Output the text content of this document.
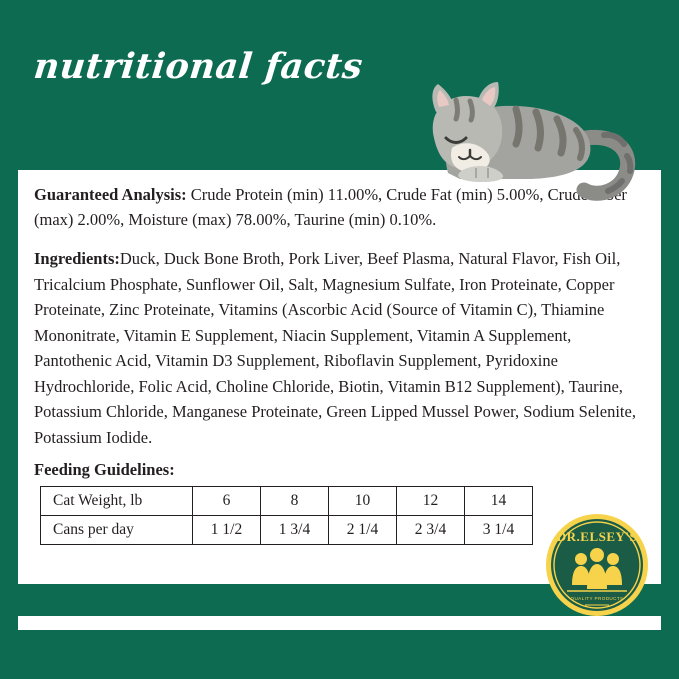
nutritional facts

Guaranteed Analysis: Crude Protein (min) 11.00%, Crude Fat (min) 5.00%, Crude Fiber (max) 2.00%, Moisture (max) 78.00%, Taurine (min) 0.10%.

Ingredients:Duck, Duck Bone Broth, Pork Liver, Beef Plasma, Natural Flavor, Fish Oil, Tricalcium Phosphate, Sunflower Oil, Salt, Magnesium Sulfate, Iron Proteinate, Copper Proteinate, Zinc Proteinate, Vitamins (Ascorbic Acid (Source of Vitamin C), Thiamine Mononitrate, Vitamin E Supplement, Niacin Supplement, Vitamin A Supplement, Pantothenic Acid, Vitamin D3 Supplement, Riboflavin Supplement, Pyridoxine Hydrochloride, Folic Acid, Choline Chloride, Biotin, Vitamin B12 Supplement), Taurine, Potassium Chloride, Manganese Proteinate, Green Lipped Mussel Power, Sodium Selenite, Potassium Iodide.

Feeding Guidelines:
Cat Weight, lb	6	8	10	12	14
Cans per day	1 1/2	1 3/4	2 1/4	2 3/4	3 1/4	DR.ELSEY'S
QUALITY PRODUCTS
